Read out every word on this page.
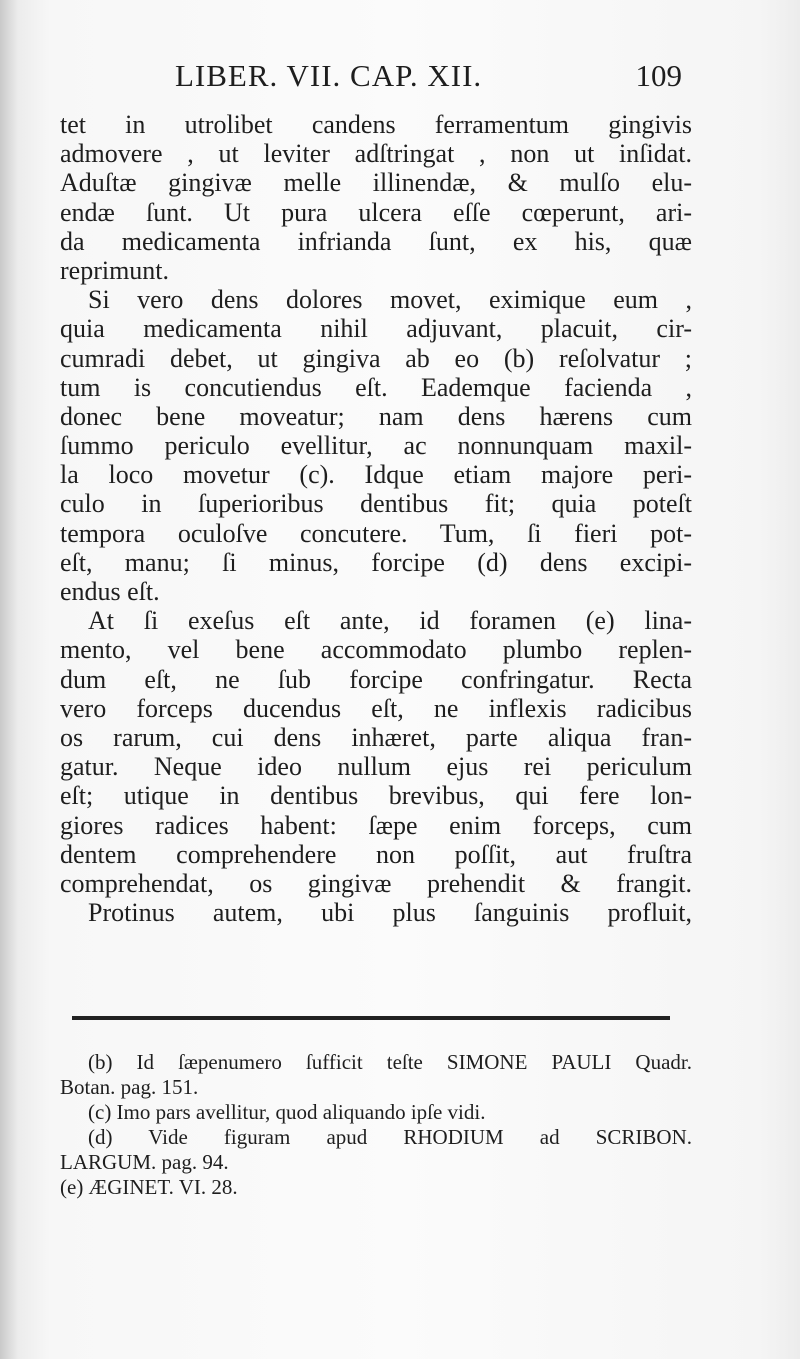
LIBER. VII. CAP. XII.	109
tet in utrolibet candens ferramentum gingivis
admovere , ut leviter adſtringat , non ut inſidat.
Aduſtæ gingivæ melle illinendæ, & mulſo elu-
endæ ſunt. Ut pura ulcera eſſe cœperunt, ari-
da medicamenta infrianda ſunt, ex his, quæ
reprimunt.
Si vero dens dolores movet, eximique eum ,
quia medicamenta nihil adjuvant, placuit, cir-
cumradi debet, ut gingiva ab eo (b) reſolvatur ;
tum is concutiendus eſt. Eademque facienda ,
donec bene moveatur; nam dens hærens cum
ſummo periculo evellitur, ac nonnunquam maxil-
la loco movetur (c). Idque etiam majore peri-
culo in ſuperioribus dentibus fit; quia poteſt
tempora oculoſve concutere. Tum, ſi fieri pot-
eſt, manu; ſi minus, forcipe (d) dens excipi-
endus eſt.
At ſi exeſus eſt ante, id foramen (e) lina-
mento, vel bene accommodato plumbo replen-
dum eſt, ne ſub forcipe confringatur. Recta
vero forceps ducendus eſt, ne inflexis radicibus
os rarum, cui dens inhæret, parte aliqua fran-
gatur. Neque ideo nullum ejus rei periculum
eſt; utique in dentibus brevibus, qui fere lon-
giores radices habent: ſæpe enim forceps, cum
dentem comprehendere non poſſit, aut fruſtra
comprehendat, os gingivæ prehendit & frangit.
Protinus autem, ubi plus ſanguinis profluit,
(b) Id ſæpenumero ſufficit teſte SIMONE PAULI Quadr.
Botan. pag. 151.
(c) Imo pars avellitur, quod aliquando ipſe vidi.
(d) Vide figuram apud RHODIUM ad SCRIBON.
LARGUM. pag. 94.
(e) ÆGINET. VI. 28.
